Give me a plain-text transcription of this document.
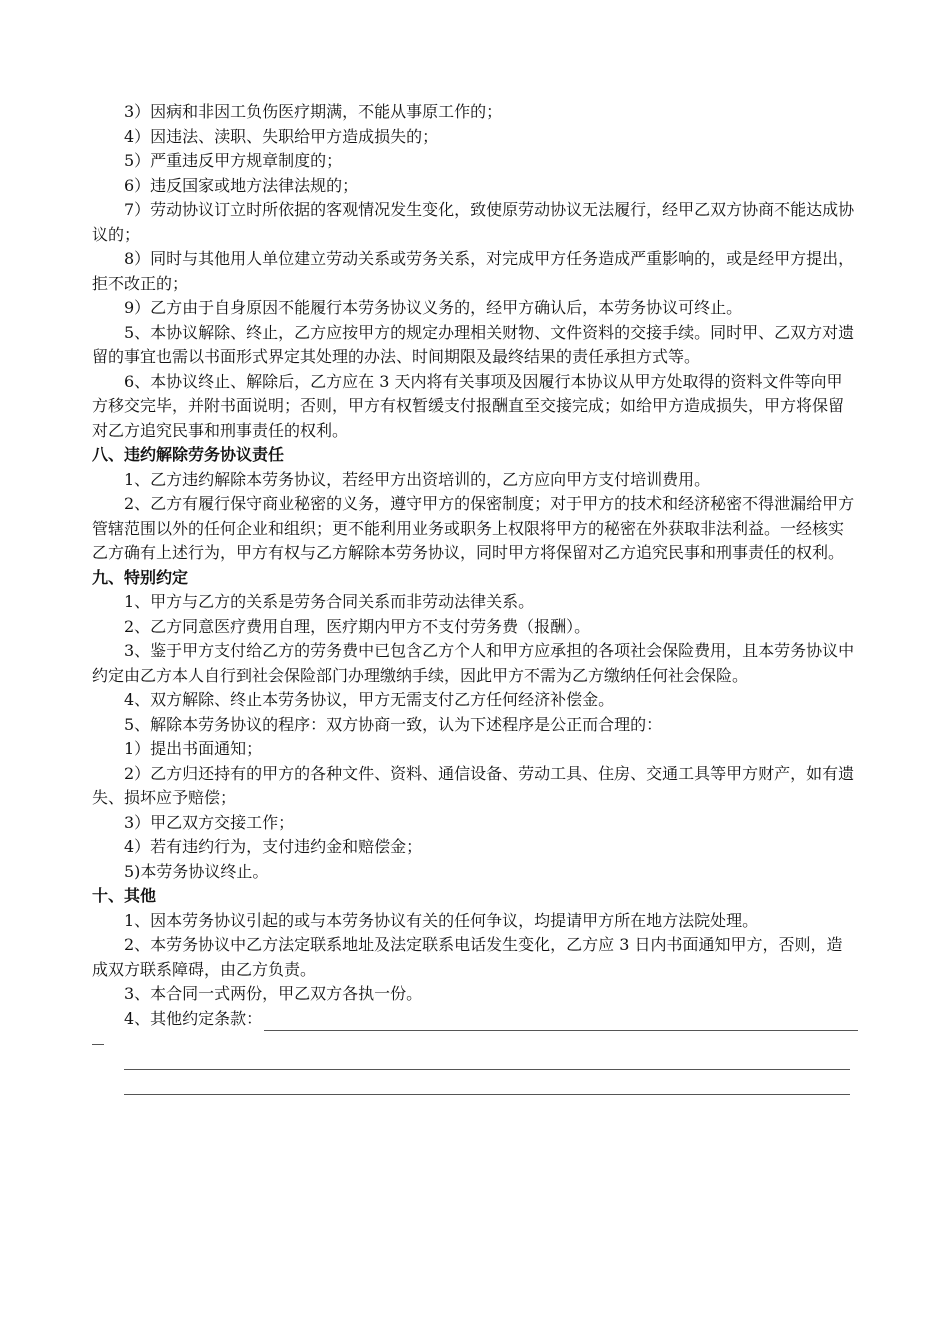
3）因病和非因工负伤医疗期满，不能从事原工作的；

4）因违法、渎职、失职给甲方造成损失的；

5）严重违反甲方规章制度的；

6）违反国家或地方法律法规的；

7）劳动协议订立时所依据的客观情况发生变化，致使原劳动协议无法履行，经甲乙双方协商不能达成协议的；

8）同时与其他用人单位建立劳动关系或劳务关系，对完成甲方任务造成严重影响的，或是经甲方提出，拒不改正的；

9）乙方由于自身原因不能履行本劳务协议义务的，经甲方确认后，本劳务协议可终止。

5、本协议解除、终止，乙方应按甲方的规定办理相关财物、文件资料的交接手续。同时甲、乙双方对遗留的事宜也需以书面形式界定其处理的办法、时间期限及最终结果的责任承担方式等。

6、本协议终止、解除后，乙方应在 3 天内将有关事项及因履行本协议从甲方处取得的资料文件等向甲方移交完毕，并附书面说明；否则，甲方有权暂缓支付报酬直至交接完成；如给甲方造成损失，甲方将保留对乙方追究民事和刑事责任的权利。

八、违约解除劳务协议责任

1、乙方违约解除本劳务协议，若经甲方出资培训的，乙方应向甲方支付培训费用。

2、乙方有履行保守商业秘密的义务，遵守甲方的保密制度；对于甲方的技术和经济秘密不得泄漏给甲方管辖范围以外的任何企业和组织；更不能利用业务或职务上权限将甲方的秘密在外获取非法利益。一经核实乙方确有上述行为，甲方有权与乙方解除本劳务协议，同时甲方将保留对乙方追究民事和刑事责任的权利。

九、特别约定

1、甲方与乙方的关系是劳务合同关系而非劳动法律关系。

2、乙方同意医疗费用自理，医疗期内甲方不支付劳务费（报酬）。

3、鉴于甲方支付给乙方的劳务费中已包含乙方个人和甲方应承担的各项社会保险费用，且本劳务协议中约定由乙方本人自行到社会保险部门办理缴纳手续，因此甲方不需为乙方缴纳任何社会保险。

4、双方解除、终止本劳务协议，甲方无需支付乙方任何经济补偿金。

5、解除本劳务协议的程序：双方协商一致，认为下述程序是公正而合理的：

1）提出书面通知；

2）乙方归还持有的甲方的各种文件、资料、通信设备、劳动工具、住房、交通工具等甲方财产，如有遗失、损坏应予赔偿；

3）甲乙双方交接工作；

4）若有违约行为，支付违约金和赔偿金；

5)本劳务协议终止。

十、其他

1、因本劳务协议引起的或与本劳务协议有关的任何争议，均提请甲方所在地方法院处理。

2、本劳务协议中乙方法定联系地址及法定联系电话发生变化，乙方应 3 日内书面通知甲方，否则，造成双方联系障碍，由乙方负责。

3、本合同一式两份，甲乙双方各执一份。

4、其他约定条款：
